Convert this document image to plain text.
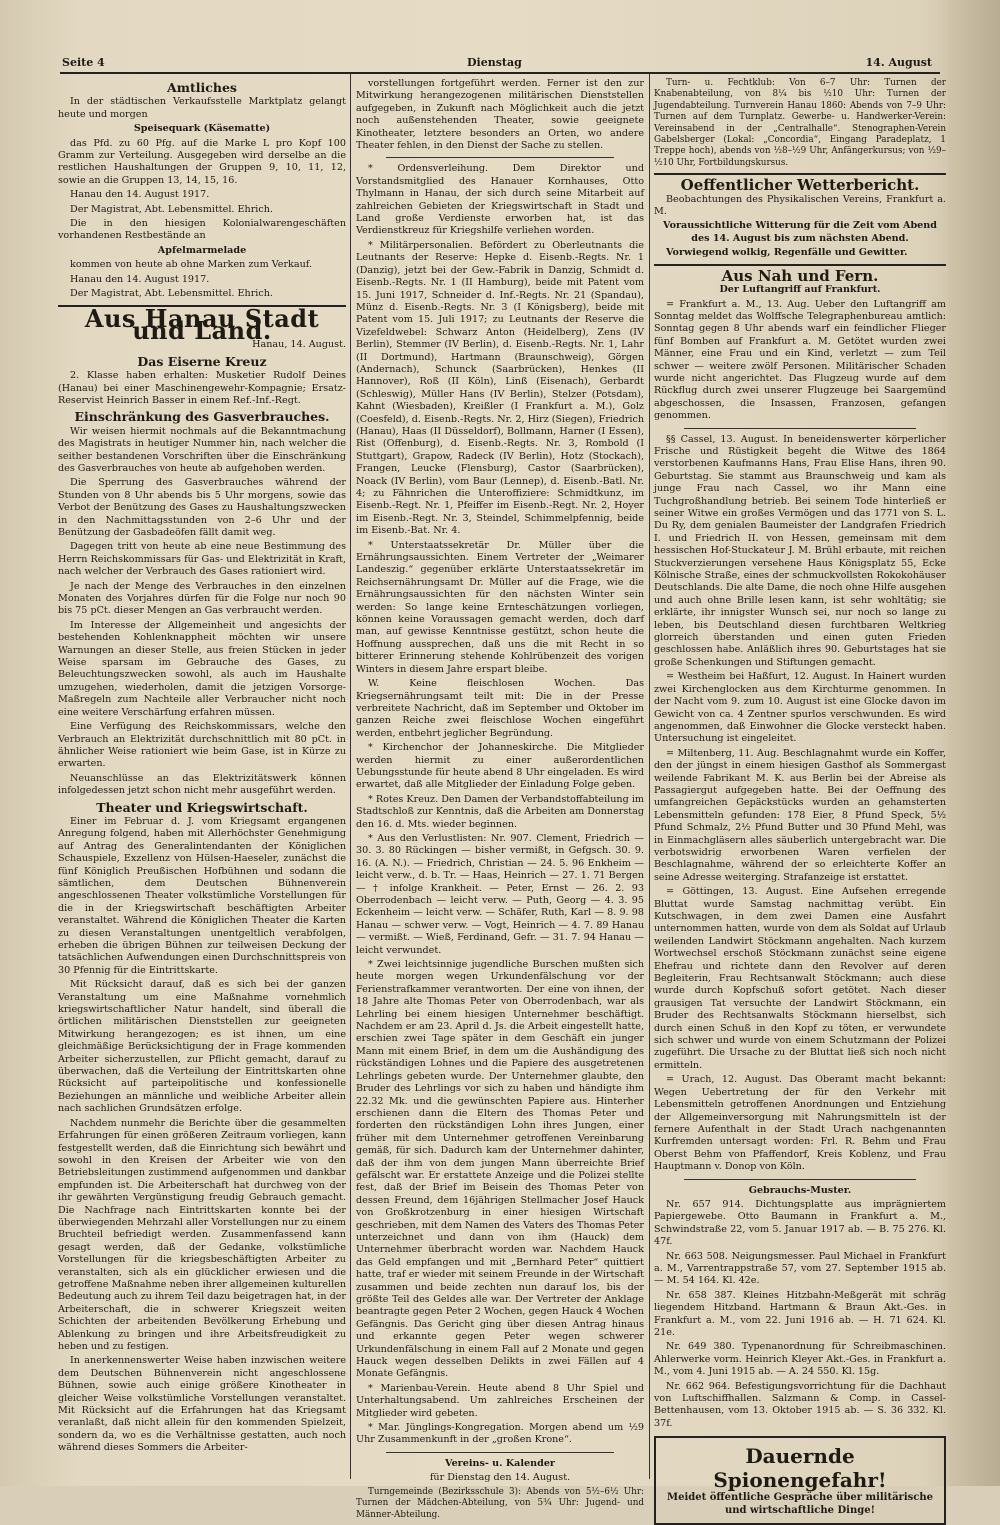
Seite 4	Dienstag	14. August
Amtliches

In der städtischen Verkaufsstelle Marktplatz gelangt heute und morgen

Speisequark (Käsematte)

das Pfd. zu 60 Pfg. auf die Marke L pro Kopf 100 Gramm zur Verteilung. Ausgegeben wird derselbe an die restlichen Haushaltungen der Gruppen 9, 10, 11, 12, sowie an die Gruppen 13, 14, 15, 16.

Hanau den 14. August 1917.

Der Magistrat, Abt. Lebensmittel. Ehrich.

Die in den hiesigen Kolonialwarengeschäften vorhandenen Restbestände an

Apfelmarmelade

kommen von heute ab ohne Marken zum Verkauf.

Hanau den 14. August 1917.

Der Magistrat, Abt. Lebensmittel. Ehrich.

Aus Hanau Stadt und Land.

Hanau, 14. August.

Das Eiserne Kreuz

2. Klasse haben erhalten: Musketier Rudolf Deines (Hanau) bei einer Maschinengewehr-Kompagnie; Ersatz-Reservist Heinrich Basser in einem Ref.-Inf.-Regt.

Einschränkung des Gasverbrauches.

Wir weisen hiermit nochmals auf die Bekanntmachung des Magistrats in heutiger Nummer hin, nach welcher die seither bestandenen Vorschriften über die Einschränkung des Gasverbrauches von heute ab aufgehoben werden.

Die Sperrung des Gasverbrauches während der Stunden von 8 Uhr abends bis 5 Uhr morgens, sowie das Verbot der Benützung des Gases zu Haushaltungszwecken in den Nachmittagsstunden von 2–6 Uhr und der Benützung der Gasbadeöfen fällt damit weg.

Dagegen tritt von heute ab eine neue Bestimmung des Herrn Reichskommissars für Gas- und Elektrizität in Kraft, nach welcher der Verbrauch des Gases rationiert wird.

Je nach der Menge des Verbrauches in den einzelnen Monaten des Vorjahres dürfen für die Folge nur noch 90 bis 75 pCt. dieser Mengen an Gas verbraucht werden.

Im Interesse der Allgemeinheit und angesichts der bestehenden Kohlenknappheit möchten wir unsere Warnungen an dieser Stelle, aus freien Stücken in jeder Weise sparsam im Gebrauche des Gases, zu Beleuchtungszwecken sowohl, als auch im Haushalte umzugehen, wiederholen, damit die jetzigen Vorsorge-Maßregeln zum Nachteile aller Verbraucher nicht noch eine weitere Verschärfung erfahren müssen.

Eine Verfügung des Reichskommissars, welche den Verbrauch an Elektrizität durchschnittlich mit 80 pCt. in ähnlicher Weise rationiert wie beim Gase, ist in Kürze zu erwarten.

Neuanschlüsse an das Elektrizitätswerk können infolgedessen jetzt schon nicht mehr ausgeführt werden.

Theater und Kriegswirtschaft.

Einer im Februar d. J. vom Kriegsamt ergangenen Anregung folgend, haben mit Allerhöchster Genehmigung auf Antrag des Generalintendanten der Königlichen Schauspiele, Exzellenz von Hülsen-Haeseler, zunächst die fünf Königlich Preußischen Hofbühnen und sodann die sämtlichen, dem Deutschen Bühnenverein angeschlossenen Theater volkstümliche Vorstellungen für die in der Kriegswirtschaft beschäftigten Arbeiter veranstaltet. Während die Königlichen Theater die Karten zu diesen Veranstaltungen unentgeltlich verabfolgen, erheben die übrigen Bühnen zur teilweisen Deckung der tatsächlichen Aufwendungen einen Durchschnittspreis von 30 Pfennig für die Eintrittskarte.

Mit Rücksicht darauf, daß es sich bei der ganzen Veranstaltung um eine Maßnahme vornehmlich kriegswirtschaftlicher Natur handelt, sind überall die örtlichen militärischen Dienststellen zur geeigneten Mitwirkung herangezogen; es ist ihnen, um eine gleichmäßige Berücksichtigung der in Frage kommenden Arbeiter sicherzustellen, zur Pflicht gemacht, darauf zu überwachen, daß die Verteilung der Eintrittskarten ohne Rücksicht auf parteipolitische und konfessionelle Beziehungen an männliche und weibliche Arbeiter allein nach sachlichen Grundsätzen erfolge.

Nachdem nunmehr die Berichte über die gesammelten Erfahrungen für einen größeren Zeitraum vorliegen, kann festgestellt werden, daß die Einrichtung sich bewährt und sowohl in den Kreisen der Arbeiter wie von den Betriebsleitungen zustimmend aufgenommen und dankbar empfunden ist. Die Arbeiterschaft hat durchweg von der ihr gewährten Vergünstigung freudig Gebrauch gemacht. Die Nachfrage nach Eintrittskarten konnte bei der überwiegenden Mehrzahl aller Vorstellungen nur zu einem Bruchteil befriedigt werden. Zusammenfassend kann gesagt werden, daß der Gedanke, volkstümliche Vorstellungen für die kriegsbeschäftigten Arbeiter zu veranstalten, sich als ein glücklicher erwiesen und die getroffene Maßnahme neben ihrer allgemeinen kulturellen Bedeutung auch zu ihrem Teil dazu beigetragen hat, in der Arbeiterschaft, die in schwerer Kriegszeit weiten Schichten der arbeitenden Bevölkerung Erhebung und Ablenkung zu bringen und ihre Arbeitsfreudigkeit zu heben und zu festigen.

In anerkennenswerter Weise haben inzwischen weitere dem Deutschen Bühnenverein nicht angeschlossene Bühnen, sowie auch einige größere Kinotheater in gleicher Weise volkstümliche Vorstellungen veranstaltet. Mit Rücksicht auf die Erfahrungen hat das Kriegsamt veranlaßt, daß nicht allein für den kommenden Spielzeit, sondern da, wo es die Verhältnisse gestatten, auch noch während dieses Sommers die Arbeiter-

vorstellungen fortgeführt werden. Ferner ist den zur Mitwirkung herangezogenen militärischen Dienststellen aufgegeben, in Zukunft nach Möglichkeit auch die jetzt noch außenstehenden Theater, sowie geeignete Kinotheater, letztere besonders an Orten, wo andere Theater fehlen, in den Dienst der Sache zu stellen.

* Ordensverleihung. Dem Direktor und Vorstandsmitglied des Hanauer Kornhauses, Otto Thylmann in Hanau, der sich durch seine Mitarbeit auf zahlreichen Gebieten der Kriegswirtschaft in Stadt und Land große Verdienste erworben hat, ist das Verdienstkreuz für Kriegshilfe verliehen worden.

* Militärpersonalien. Befördert zu Oberleutnants die Leutnants der Reserve: Hepke d. Eisenb.-Regts. Nr. 1 (Danzig), jetzt bei der Gew.-Fabrik in Danzig, Schmidt d. Eisenb.-Regts. Nr. 1 (II Hamburg), beide mit Patent vom 15. Juni 1917, Schneider d. Inf.-Regts. Nr. 21 (Spandau), Münz d. Eisenb.-Regts. Nr. 3 (I Königsberg), beide mit Patent vom 15. Juli 1917; zu Leutnants der Reserve die Vizefeldwebel: Schwarz Anton (Heidelberg), Zens (IV Berlin), Stemmer (IV Berlin), d. Eisenb.-Regts. Nr. 1, Lahr (II Dortmund), Hartmann (Braunschweig), Görgen (Andernach), Schunck (Saarbrücken), Henkes (II Hannover), Roß (II Köln), Linß (Eisenach), Gerbardt (Schleswig), Müller Hans (IV Berlin), Stelzer (Potsdam), Kahnt (Wiesbaden), Kreißler (I Frankfurt a. M.), Golz (Coesfeld), d. Eisenb.-Regts. Nr. 2, Hirz (Siegen), Friedrich (Hanau), Haas (II Düsseldorf), Bollmann, Harner (I Essen), Rist (Offenburg), d. Eisenb.-Regts. Nr. 3, Rombold (I Stuttgart), Grapow, Radeck (IV Berlin), Hotz (Stockach), Frangen, Leucke (Flensburg), Castor (Saarbrücken), Noack (IV Berlin), vom Baur (Lennep), d. Eisenb.-Batl. Nr. 4; zu Fähnrichen die Unteroffiziere: Schmidtkunz, im Eisenb.-Regt. Nr. 1, Pfeiffer im Eisenb.-Regt. Nr. 2, Hoyer im Eisenb.-Regt. Nr. 3, Steindel, Schimmelpfennig, beide im Eisenb.-Bat. Nr. 4.

* Unterstaatssekretär Dr. Müller über die Ernährungsaussichten. Einem Vertreter der „Weimarer Landeszig.“ gegenüber erklärte Unterstaatssekretär im Reichsernährungsamt Dr. Müller auf die Frage, wie die Ernährungsaussichten für den nächsten Winter sein werden: So lange keine Ernteschätzungen vorliegen, können keine Voraussagen gemacht werden, doch darf man, auf gewisse Kenntnisse gestützt, schon heute die Hoffnung aussprechen, daß uns die mit Recht in so bitterer Erinnerung stehende Kohlrübenzeit des vorigen Winters in diesem Jahre erspart bleibe.

W. Keine fleischlosen Wochen. Das Kriegsernährungsamt teilt mit: Die in der Presse verbreitete Nachricht, daß im September und Oktober im ganzen Reiche zwei fleischlose Wochen eingeführt werden, entbehrt jeglicher Begründung.

* Kirchenchor der Johanneskirche. Die Mitglieder werden hiermit zu einer außerordentlichen Uebungsstunde für heute abend 8 Uhr eingeladen. Es wird erwartet, daß alle Mitglieder der Einladung Folge geben.

* Rotes Kreuz. Den Damen der Verbandstoffabteilung im Stadtschloß zur Kenntnis, daß die Arbeiten am Donnerstag den 16. d. Mts. wieder beginnen.

* Aus den Verlustlisten: Nr. 907. Clement, Friedrich — 30. 3. 80 Rückingen — bisher vermißt, in Gefgsch. 30. 9. 16. (A. N.). — Friedrich, Christian — 24. 5. 96 Enkheim — leicht verw., d. b. Tr. — Haas, Heinrich — 27. 1. 71 Bergen — † infolge Krankheit. — Peter, Ernst — 26. 2. 93 Oberrodenbach — leicht verw. — Puth, Georg — 4. 3. 95 Eckenheim — leicht verw. — Schäfer, Ruth, Karl — 8. 9. 98 Hanau — schwer verw. — Vogt, Heinrich — 4. 7. 89 Hanau — vermißt. — Wieß, Ferdinand, Gefr. — 31. 7. 94 Hanau — leicht verwundet.

* Zwei leichtsinnige jugendliche Burschen mußten sich heute morgen wegen Urkundenfälschung vor der Ferienstrafkammer verantworten. Der eine von ihnen, der 18 Jahre alte Thomas Peter von Oberrodenbach, war als Lehrling bei einem hiesigen Unternehmer beschäftigt. Nachdem er am 23. April d. Js. die Arbeit eingestellt hatte, erschien zwei Tage später in dem Geschäft ein junger Mann mit einem Brief, in dem um die Aushändigung des rückständigen Lohnes und die Papiere des ausgetretenen Lehrlings gebeten wurde. Der Unternehmer glaubte, den Bruder des Lehrlings vor sich zu haben und händigte ihm 22.32 Mk. und die gewünschten Papiere aus. Hinterher erschienen dann die Eltern des Thomas Peter und forderten den rückständigen Lohn ihres Jungen, einer früher mit dem Unternehmer getroffenen Vereinbarung gemäß, für sich. Dadurch kam der Unternehmer dahinter, daß der ihm von dem jungen Mann überreichte Brief gefälscht war. Er erstattete Anzeige und die Polizei stellte fest, daß der Brief im Beisein des Thomas Peter von dessen Freund, dem 16jährigen Stellmacher Josef Hauck von Großkrotzenburg in einer hiesigen Wirtschaft geschrieben, mit dem Namen des Vaters des Thomas Peter unterzeichnet und dann von ihm (Hauck) dem Unternehmer überbracht worden war. Nachdem Hauck das Geld empfangen und mit „Bernhard Peter“ quittiert hatte, traf er wieder mit seinem Freunde in der Wirtschaft zusammen und beide zechten nun darauf los, bis der größte Teil des Geldes alle war. Der Vertreter der Anklage beantragte gegen Peter 2 Wochen, gegen Hauck 4 Wochen Gefängnis. Das Gericht ging über diesen Antrag hinaus und erkannte gegen Peter wegen schwerer Urkundenfälschung in einem Fall auf 2 Monate und gegen Hauck wegen desselben Delikts in zwei Fällen auf 4 Monate Gefängnis.

* Marienbau-Verein. Heute abend 8 Uhr Spiel und Unterhaltungsabend. Um zahlreiches Erscheinen der Mitglieder wird gebeten.

* Mar. Jünglings-Kongregation. Morgen abend um ½9 Uhr Zusammenkunft in der „großen Krone“.

Vereins- u. Kalender

für Dienstag den 14. August.

Turngemeinde (Bezirksschule 3): Abends von 5½–6½ Uhr: Turnen der Mädchen-Abteilung, von 5¾ Uhr: Jugend- und Männer-Abteilung.

Turn- u. Fechtklub: Von 6–7 Uhr: Turnen der Knabenabteilung, von 8¼ bis ½10 Uhr: Turnen der Jugendabteilung. Turnverein Hanau 1860: Abends von 7–9 Uhr: Turnen auf dem Turnplatz. Gewerbe- u. Handwerker-Verein: Vereinsabend in der „Centralhalle“. Stenographen-Verein Gabelsberger (Lokal: „Concordia“, Eingang Paradeplatz, 1 Treppe hoch), abends von ½8–½9 Uhr, Anfängerkursus; von ½9–½10 Uhr, Fortbildungskursus.

Oeffentlicher Wetterbericht.

Beobachtungen des Physikalischen Vereins, Frankfurt a. M.

Voraussichtliche Witterung für die Zeit vom Abend des 14. August bis zum nächsten Abend.

Vorwiegend wolkig, Regenfälle und Gewitter.

Aus Nah und Fern.

Der Luftangriff auf Frankfurt.

= Frankfurt a. M., 13. Aug. Ueber den Luftangriff am Sonntag meldet das Wolffsche Telegraphenbureau amtlich: Sonntag gegen 8 Uhr abends warf ein feindlicher Flieger fünf Bomben auf Frankfurt a. M. Getötet wurden zwei Männer, eine Frau und ein Kind, verletzt — zum Teil schwer — weitere zwölf Personen. Militärischer Schaden wurde nicht angerichtet. Das Flugzeug wurde auf dem Rückflug durch zwei unserer Flugzeuge bei Saargemünd abgeschossen, die Insassen, Franzosen, gefangen genommen.

§§ Cassel, 13. August. In beneidenswerter körperlicher Frische und Rüstigkeit begeht die Witwe des 1864 verstorbenen Kaufmanns Hans, Frau Elise Hans, ihren 90. Geburtstag. Sie stammt aus Braunschweig und kam als junge Frau nach Cassel, wo ihr Mann eine Tuchgroßhandlung betrieb. Bei seinem Tode hinterließ er seiner Witwe ein großes Vermögen und das 1771 von S. L. Du Ry, dem genialen Baumeister der Landgrafen Friedrich I. und Friedrich II. von Hessen, gemeinsam mit dem hessischen Hof-Stuckateur J. M. Brühl erbaute, mit reichen Stuckverzierungen versehene Haus Königsplatz 55, Ecke Kölnische Straße, eines der schmuckvollsten Rokokohäuser Deutschlands. Die alte Dame, die noch ohne Hilfe ausgehen und auch ohne Brille lesen kann, ist sehr wohltätig; sie erklärte, ihr innigster Wunsch sei, nur noch so lange zu leben, bis Deutschland diesen furchtbaren Weltkrieg glorreich überstanden und einen guten Frieden geschlossen habe. Anläßlich ihres 90. Geburtstages hat sie große Schenkungen und Stiftungen gemacht.

= Westheim bei Haßfurt, 12. August. In Hainert wurden zwei Kirchenglocken aus dem Kirchturme genommen. In der Nacht vom 9. zum 10. August ist eine Glocke davon im Gewicht von ca. 4 Zentner spurlos verschwunden. Es wird angenommen, daß Einwohner die Glocke versteckt haben. Untersuchung ist eingeleitet.

= Miltenberg, 11. Aug. Beschlagnahmt wurde ein Koffer, den der jüngst in einem hiesigen Gasthof als Sommergast weilende Fabrikant M. K. aus Berlin bei der Abreise als Passagiergut aufgegeben hatte. Bei der Oeffnung des umfangreichen Gepäckstücks wurden an gehamsterten Lebensmitteln gefunden: 178 Eier, 8 Pfund Speck, 5½ Pfund Schmalz, 2½ Pfund Butter und 30 Pfund Mehl, was in Einmachgläsern alles säuberlich untergebracht war. Die verbotswidrig erworbenen Waren verfielen der Beschlagnahme, während der so erleichterte Koffer an seine Adresse weiterging. Strafanzeige ist erstattet.

= Göttingen, 13. August. Eine Aufsehen erregende Bluttat wurde Samstag nachmittag verübt. Ein Kutschwagen, in dem zwei Damen eine Ausfahrt unternommen hatten, wurde von dem als Soldat auf Urlaub weilenden Landwirt Stöckmann angehalten. Nach kurzem Wortwechsel erschoß Stöckmann zunächst seine eigene Ehefrau und richtete dann den Revolver auf deren Begleiterin, Frau Rechtsanwalt Stöckmann; auch diese wurde durch Kopfschuß sofort getötet. Nach dieser grausigen Tat versuchte der Landwirt Stöckmann, ein Bruder des Rechtsanwalts Stöckmann hierselbst, sich durch einen Schuß in den Kopf zu töten, er verwundete sich schwer und wurde von einem Schutzmann der Polizei zugeführt. Die Ursache zu der Bluttat ließ sich noch nicht ermitteln.

= Urach, 12. August. Das Oberamt macht bekannt: Wegen Uebertretung der für den Verkehr mit Lebensmitteln getroffenen Anordnungen und Entziehung der Allgemeinversorgung mit Nahrungsmitteln ist der fernere Aufenthalt in der Stadt Urach nachgenannten Kurfremden untersagt worden: Frl. R. Behm und Frau Oberst Behm von Pfaffendorf, Kreis Koblenz, und Frau Hauptmann v. Donop von Köln.

Gebrauchs-Muster.

Nr. 657 914. Dichtungsplatte aus imprägniertem Papiergewebe. Otto Baumann in Frankfurt a. M., Schwindstraße 22, vom 5. Januar 1917 ab. — B. 75 276. Kl. 47f.

Nr. 663 508. Neigungsmesser. Paul Michael in Frankfurt a. M., Varrentrappstraße 57, vom 27. September 1915 ab. — M. 54 164. Kl. 42e.

Nr. 658 387. Kleines Hitzbahn-Meßgerät mit schräg liegendem Hitzband. Hartmann & Braun Akt.-Ges. in Frankfurt a. M., vom 22. Juni 1916 ab. — H. 71 624. Kl. 21e.

Nr. 649 380. Typenanordnung für Schreibmaschinen. Ahlerwerke vorm. Heinrich Kleyer Akt.-Ges. in Frankfurt a. M., vom 4. Juni 1915 ab. — A. 24 550. Kl. 15g.

Nr. 662 964. Befestigungsvorrichtung für die Dachhaut von Luftschiffhallen. Salzmann & Comp. in Cassel-Bettenhausen, vom 13. Oktober 1915 ab. — S. 36 332. Kl. 37f.

Dauernde Spionengefahr!
Meidet öffentliche Gespräche über militärische und wirtschaftliche Dinge!
